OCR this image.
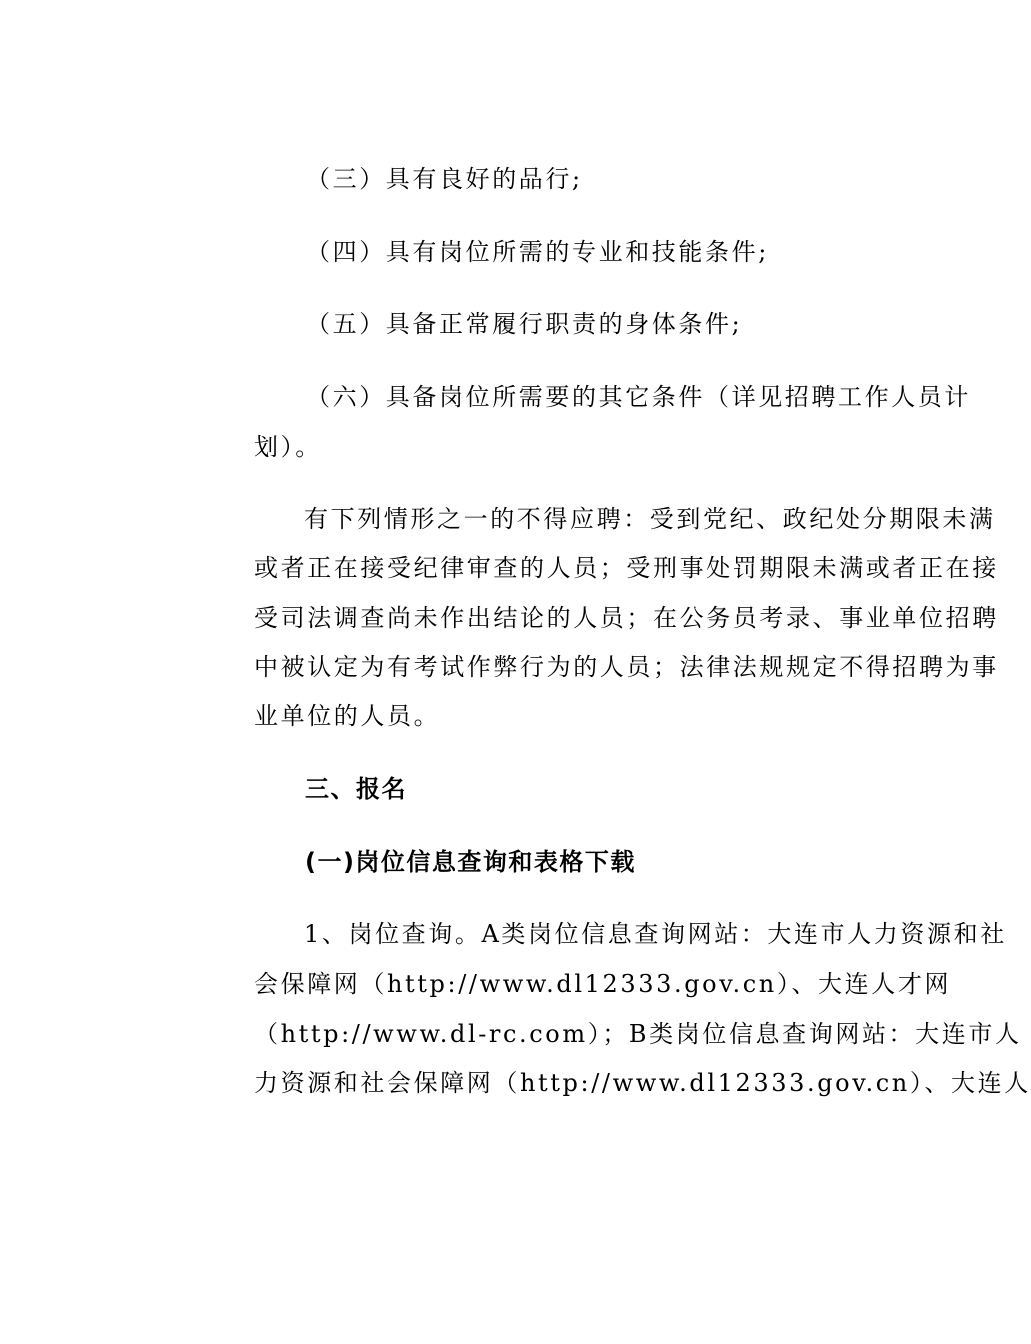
（三）具有良好的品行;
（四）具有岗位所需的专业和技能条件;
（五）具备正常履行职责的身体条件;
（六）具备岗位所需要的其它条件（详见招聘工作人员计
划）。
有下列情形之一的不得应聘：受到党纪、政纪处分期限未满
或者正在接受纪律审查的人员；受刑事处罚期限未满或者正在接
受司法调查尚未作出结论的人员；在公务员考录、事业单位招聘
中被认定为有考试作弊行为的人员；法律法规规定不得招聘为事
业单位的人员。
三、报名
(一)岗位信息查询和表格下载
1、岗位查询。A类岗位信息查询网站：大连市人力资源和社
会保障网（http://www.dl12333.gov.cn）、大连人才网
（http://www.dl-rc.com）；B类岗位信息查询网站：大连市人
力资源和社会保障网（http://www.dl12333.gov.cn）、大连人
